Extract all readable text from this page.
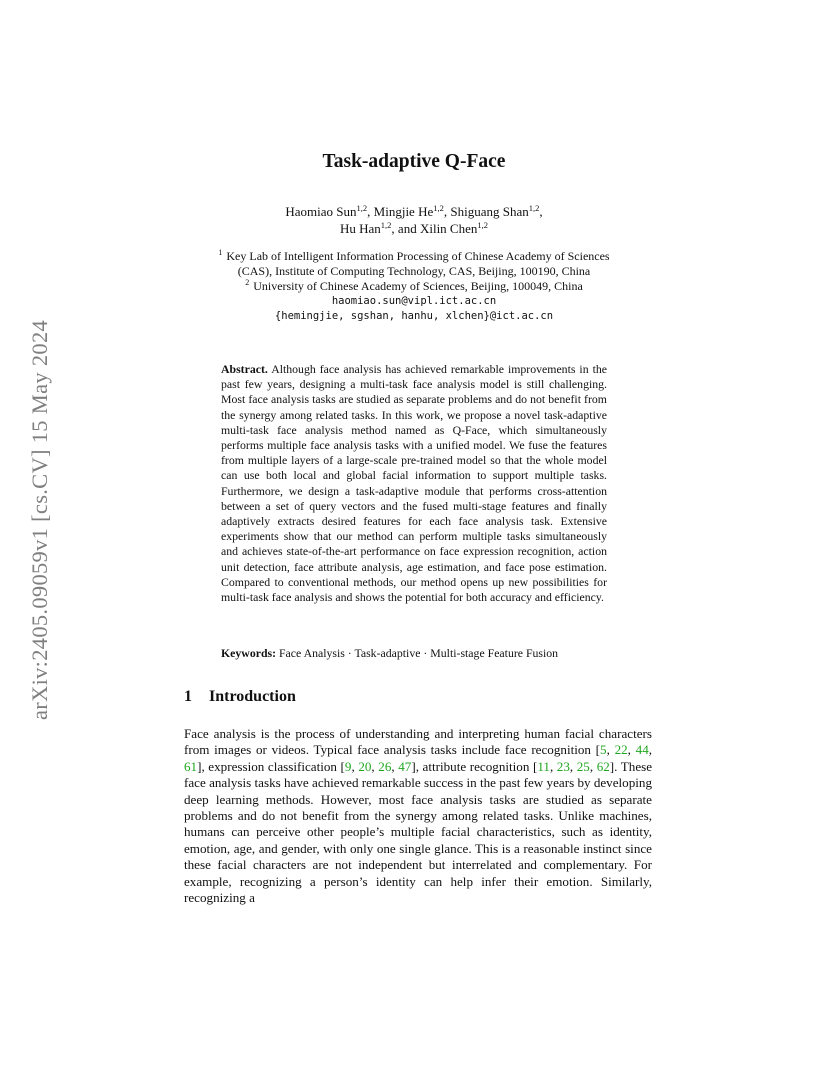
arXiv:2405.09059v1 [cs.CV] 15 May 2024
Task-adaptive Q-Face
Haomiao Sun$^{1,2}$, Mingjie He$^{1,2}$, Shiguang Shan$^{1,2}$,
Hu Han$^{1,2}$, and Xilin Chen$^{1,2}$
$^1$ Key Lab of Intelligent Information Processing of Chinese Academy of Sciences
(CAS), Institute of Computing Technology, CAS, Beijing, 100190, China
$^2$ University of Chinese Academy of Sciences, Beijing, 100049, China
haomiao.sun@vipl.ict.ac.cn
{hemingjie, sgshan, hanhu, xlchen}@ict.ac.cn
Abstract. Although face analysis has achieved remarkable improvements in the past few years, designing a multi-task face analysis model is still challenging. Most face analysis tasks are studied as separate problems and do not benefit from the synergy among related tasks. In this work, we propose a novel task-adaptive multi-task face analysis method named as Q-Face, which simultaneously performs multiple face analysis tasks with a unified model. We fuse the features from multiple layers of a large-scale pre-trained model so that the whole model can use both local and global facial information to support multiple tasks. Furthermore, we design a task-adaptive module that performs cross-attention between a set of query vectors and the fused multi-stage features and finally adaptively extracts desired features for each face analysis task. Extensive experiments show that our method can perform multiple tasks simultaneously and achieves state-of-the-art performance on face expression recognition, action unit detection, face attribute analysis, age estimation, and face pose estimation. Compared to conventional methods, our method opens up new possibilities for multi-task face analysis and shows the potential for both accuracy and efficiency.
Keywords: Face Analysis · Task-adaptive · Multi-stage Feature Fusion
1 Introduction
Face analysis is the process of understanding and interpreting human facial characters from images or videos. Typical face analysis tasks include face recognition [5, 22, 44, 61], expression classification [9, 20, 26, 47], attribute recognition [11, 23, 25, 62]. These face analysis tasks have achieved remarkable success in the past few years by developing deep learning methods. However, most face analysis tasks are studied as separate problems and do not benefit from the synergy among related tasks. Unlike machines, humans can perceive other people’s multiple facial characteristics, such as identity, emotion, age, and gender, with only one single glance. This is a reasonable instinct since these facial characters are not independent but interrelated and complementary. For example, recognizing a person’s identity can help infer their emotion. Similarly, recognizing a
